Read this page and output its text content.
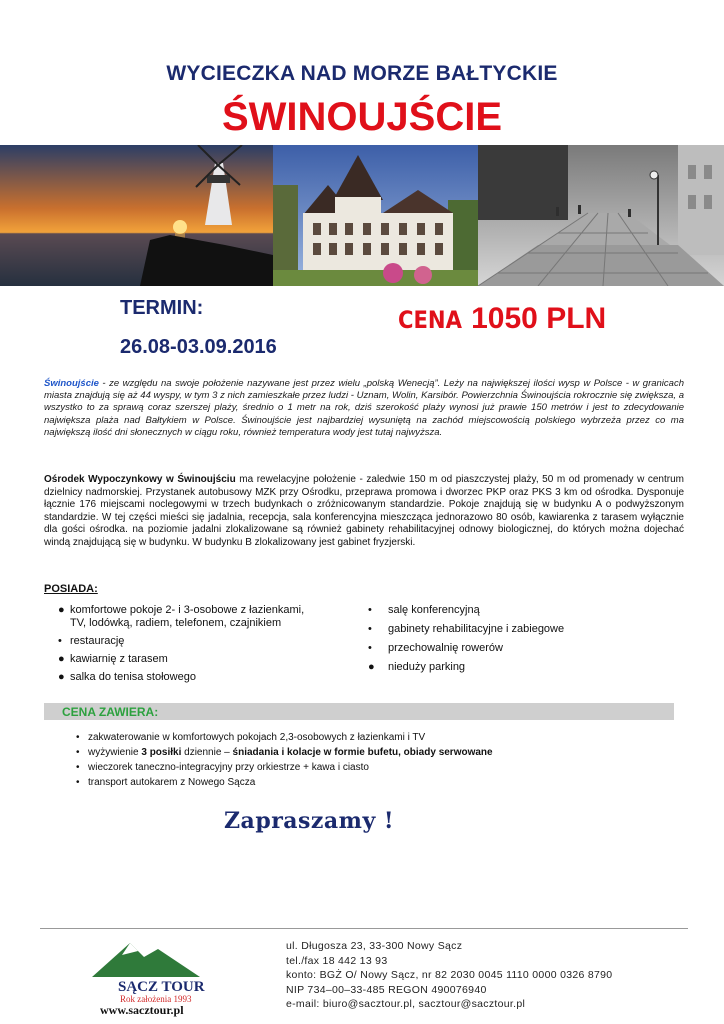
WYCIECZKA NAD MORZE BAŁTYCKIE
ŚWINOUJŚCIE
TERMIN:
26.08-03.09.2016
CENA 1050 PLN
Świnoujście - ze względu na swoje położenie nazywane jest przez wielu „polską Wenecją”. Leży na największej ilości wysp w Polsce - w granicach miasta znajdują się aż 44 wyspy, w tym 3 z nich zamieszkałe przez ludzi - Uznam, Wolin, Karsibór. Powierzchnia Świnoujścia rokrocznie się zwiększa, a wszystko to za sprawą coraz szerszej plaży, średnio o 1 metr na rok, dziś szerokość plaży wynosi już prawie 150 metrów i jest to zdecydowanie największa plaża nad Bałtykiem w Polsce. Świnoujście jest najbardziej wysuniętą na zachód miejscowością polskiego wybrzeża przez co ma największą ilość dni słonecznych w ciągu roku, również temperatura wody jest tutaj najwyższa.
Ośrodek Wypoczynkowy w Świnoujściu ma rewelacyjne położenie - zaledwie 150 m od piaszczystej plaży, 50 m od promenady w centrum dzielnicy nadmorskiej. Przystanek autobusowy MZK przy Ośrodku, przeprawa promowa i dworzec PKP oraz PKS 3 km od ośrodka. Dysponuje łącznie 176 miejscami noclegowymi w trzech budynkach o zróżnicowanym standardzie. Pokoje znajdują się w budynku A o podwyższonym standardzie. W tej części mieści się jadalnia, recepcja, sala konferencyjna mieszcząca jednorazowo 80 osób, kawiarenka z tarasem wyłącznie dla gości ośrodka. na poziomie jadalni zlokalizowane są również gabinety rehabilitacyjnej odnowy biologicznej, do których można dojechać windą znajdującą się w budynku. W budynku B zlokalizowany jest gabinet fryzjerski.
POSIADA:
● komfortowe pokoje 2- i 3-osobowe z łazienkami, TV, lodówką, radiem, telefonem, czajnikiem
• restaurację
● kawiarnię z tarasem
● salka do tenisa stołowego
• salę konferencyjną
• gabinety rehabilitacyjne i zabiegowe
• przechowalnię rowerów
● nieduży parking
CENA ZAWIERA:
• zakwaterowanie w komfortowych pokojach 2,3-osobowych z łazienkami i TV
• wyżywienie 3 posiłki dziennie – śniadania i kolacje w formie bufetu, obiady serwowane
• wieczorek taneczno-integracyjny przy orkiestrze + kawa i ciasto
• transport autokarem z Nowego Sącza
Zapraszamy !
SĄCZ TOUR
Rok założenia 1993
www.sacztour.pl
ul. Długosza 23, 33-300 Nowy Sącz
tel./fax 18 442 13 93
konto: BGŻ O/ Nowy Sącz, nr 82 2030 0045 1110 0000 0326 8790
NIP 734–00–33-485 REGON 490076940
e-mail: biuro@sacztour.pl, sacztour@sacztour.pl
